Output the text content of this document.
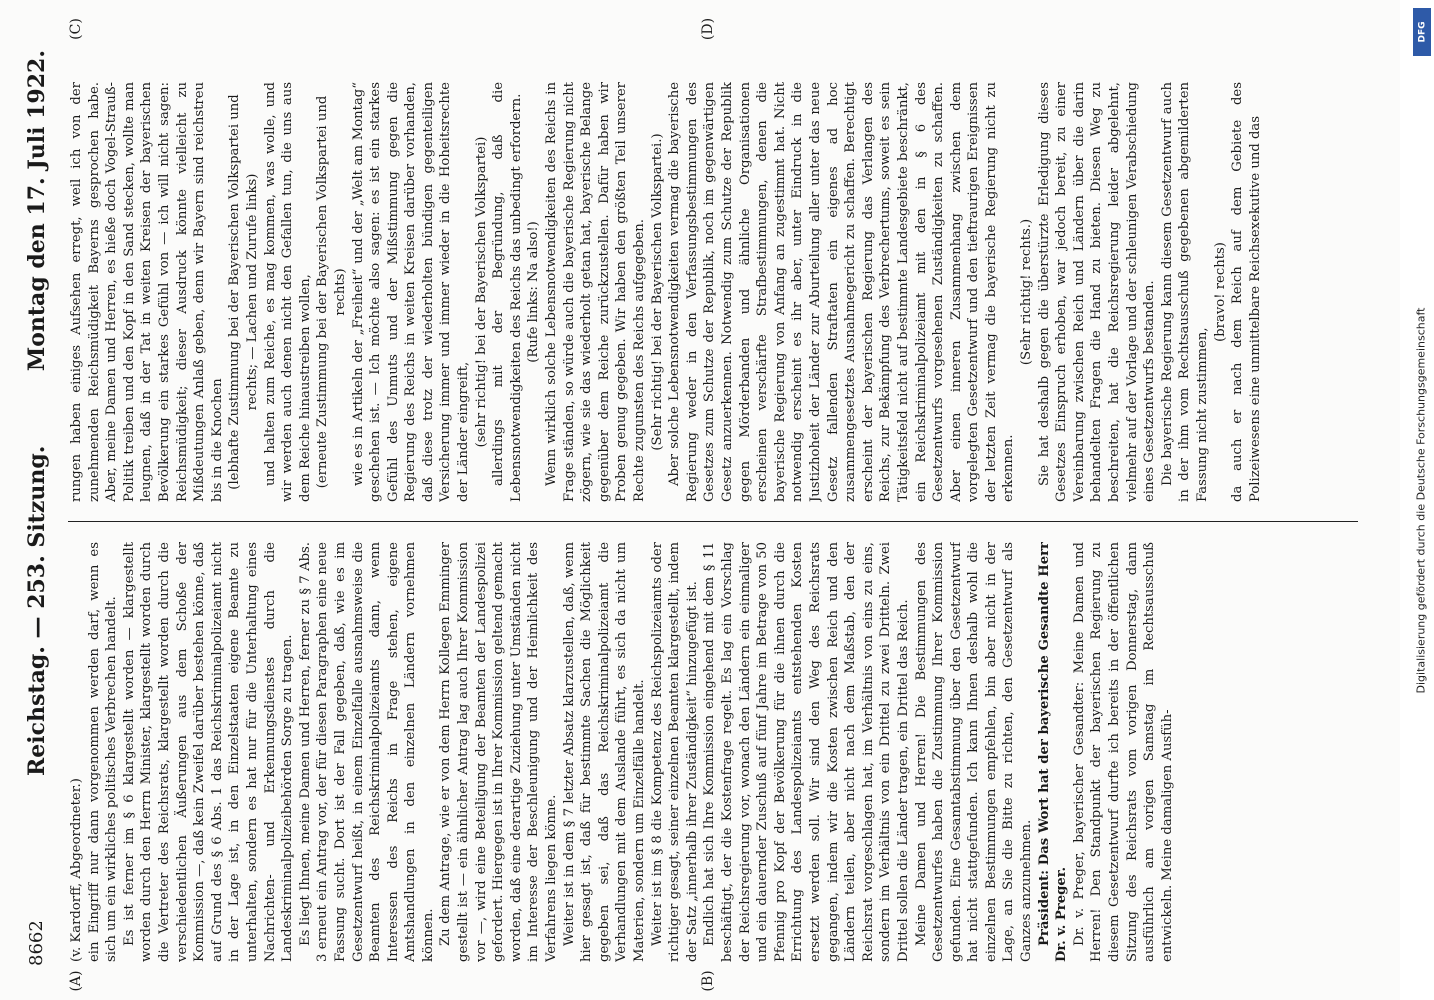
8662
Reichstag. — 253. Sitzung.
Montag den 17. Juli 1922.
(A)	(B)
(C)	(D)

(v. Kardorff, Abgeordneter.) ein Eingriff nur dann vorgenommen werden darf, wenn es sich um ein wirkliches politisches Verbrechen handelt. Es ist ferner im § 6 klargestellt worden — klargestellt worden durch den Herrn Minister, klargestellt worden durch die Vertreter des Reichsrats, klargestellt worden durch die verschiedentlichen Äußerungen aus dem Schoße der Kommission —, daß kein Zweifel darüber bestehen könne, daß auf Grund des § 6 Abs. 1 das Reichskriminalpolizeiamt nicht in der Lage ist, in den Einzelstaaten eigene Beamte zu unterhalten, sondern es hat nur für die Unterhaltung eines Nachrichten- und Erkennungsdienstes durch die Landeskriminalpolizeibehörden Sorge zu tragen. Es liegt Ihnen, meine Damen und Herren, ferner zu § 7 Abs. 3 erneut ein Antrag vor, der für diesen Paragraphen eine neue Fassung sucht. Dort ist der Fall gegeben, daß, wie es im Gesetzentwurf heißt, in einem Einzelfalle ausnahmsweise die Beamten des Reichskriminalpolizeiamts dann, wenn Interessen des Reichs in Frage stehen, eigene Amtshandlungen in den einzelnen Ländern vornehmen können. Zu dem Antrage, wie er von dem Herrn Kollegen Emminger gestellt ist — ein ähnlicher Antrag lag auch Ihrer Kommission vor —, wird eine Beteiligung der Beamten der Landespolizei gefordert. Hiergegen ist in Ihrer Kommission geltend gemacht worden, daß eine derartige Zuziehung unter Umständen nicht im Interesse der Beschleunigung und der Heimlichkeit des Verfahrens liegen könne. Weiter ist in dem § 7 letzter Absatz klarzustellen, daß, wenn hier gesagt ist, daß für bestimmte Sachen die Möglichkeit gegeben sei, daß das Reichskriminalpolizeiamt die Verhandlungen mit dem Auslande führt, es sich da nicht um Materien, sondern um Einzelfälle handelt. Weiter ist im § 8 die Kompetenz des Reichspolizeiamts oder richtiger gesagt, seiner einzelnen Beamten klargestellt, indem der Satz „innerhalb ihrer Zuständigkeit“ hinzugefügt ist. Endlich hat sich Ihre Kommission eingehend mit dem § 11 beschäftigt, der die Kostenfrage regelt. Es lag ein Vorschlag der Reichsregierung vor, wonach den Ländern ein einmaliger und ein dauernder Zuschuß auf fünf Jahre im Betrage von 50 Pfennig pro Kopf der Bevölkerung für die ihnen durch die Errichtung des Landespolizeiamts entstehenden Kosten ersetzt werden soll. Wir sind den Weg des Reichsrats gegangen, indem wir die Kosten zwischen Reich und den Ländern teilen, aber nicht nach dem Maßstab, den der Reichsrat vorgeschlagen hat, im Verhältnis von eins zu eins, sondern im Verhältnis von ein Drittel zu zwei Dritteln. Zwei Drittel sollen die Länder tragen, ein Drittel das Reich. Meine Damen und Herren! Die Bestimmungen des Gesetzentwurfes haben die Zustimmung Ihrer Kommission gefunden. Eine Gesamtabstimmung über den Gesetzentwurf hat nicht stattgefunden. Ich kann Ihnen deshalb wohl die einzelnen Bestimmungen empfehlen, bin aber nicht in der Lage, an Sie die Bitte zu richten, den Gesetzentwurf als Ganzes anzunehmen. Präsident: Das Wort hat der bayerische Gesandte Herr Dr. v. Preger. Dr. v. Preger, bayerischer Gesandter: Meine Damen und Herren! Den Standpunkt der bayerischen Regierung zu diesem Gesetzentwurf durfte ich bereits in der öffentlichen Sitzung des Reichsrats vom vorigen Donnerstag, dann ausführlich am vorigen Samstag im Rechtsausschuß entwickeln. Meine damaligen Ausfüh-

rungen haben einiges Aufsehen erregt, weil ich von der zunehmenden Reichsmüdigkeit Bayerns gesprochen habe. Aber, meine Damen und Herren, es hieße doch Vogel-Strauß-Politik treiben und den Kopf in den Sand stecken, wollte man leugnen, daß in der Tat in weiten Kreisen der bayerischen Bevölkerung ein starkes Gefühl von — ich will nicht sagen: Reichsmüdigkeit; dieser Ausdruck könnte vielleicht zu Mißdeutungen Anlaß geben, denn wir Bayern sind reichstreu bis in die Knochen (lebhafte Zustimmung bei der Bayerischen Volkspartei und rechts; — Lachen und Zurufe links) und halten zum Reiche, es mag kommen, was wolle, und wir werden auch denen nicht den Gefallen tun, die uns aus dem Reiche hinaustreiben wollen, (erneute Zustimmung bei der Bayerischen Volkspartei und rechts) wie es in Artikeln der „Freiheit“ und der „Welt am Montag“ geschehen ist. — Ich möchte also sagen: es ist ein starkes Gefühl des Unmuts und der Mißstimmung gegen die Regierung des Reichs in weiten Kreisen darüber vorhanden, daß diese trotz der wiederholten bündigen gegenteiligen Versicherung immer und immer wieder in die Hoheitsrechte der Länder eingreift, (sehr richtig! bei der Bayerischen Volkspartei) allerdings mit der Begründung, daß die Lebensnotwendigkeiten des Reichs das unbedingt erfordern. (Rufe links: Na also!) Wenn wirklich solche Lebensnotwendigkeiten des Reichs in Frage ständen, so würde auch die bayerische Regierung nicht zögern, wie sie das wiederholt getan hat, bayerische Belange gegenüber dem Reiche zurückzustellen. Dafür haben wir Proben genug gegeben. Wir haben den größten Teil unserer Rechte zugunsten des Reichs aufgegeben. (Sehr richtig! bei der Bayerischen Volkspartei.) Aber solche Lebensnotwendigkeiten vermag die bayerische Regierung weder in den Verfassungsbestimmungen des Gesetzes zum Schutze der Republik, noch im gegenwärtigen Gesetz anzuerkennen. Notwendig zum Schutze der Republik gegen Mörderbanden und ähnliche Organisationen erscheinen verschärfte Strafbestimmungen, denen die bayerische Regierung von Anfang an zugestimmt hat. Nicht notwendig erscheint es ihr aber, unter Eindruck in die Justizhoheit der Länder zur Aburteilung aller unter das neue Gesetz fallenden Straftaten ein eigenes ad hoc zusammengesetztes Ausnahmegericht zu schaffen. Berechtigt erscheint der bayerischen Regierung das Verlangen des Reichs, zur Bekämpfung des Verbrechertums, soweit es sein Tätigkeitsfeld nicht auf bestimmte Landesgebiete beschränkt, ein Reichskriminalpolizeiamt mit den in § 6 des Gesetzentwurfs vorgesehenen Zuständigkeiten zu schaffen. Aber einen inneren Zusammenhang zwischen dem vorgelegten Gesetzentwurf und den tieftraurigen Ereignissen der letzten Zeit vermag die bayerische Regierung nicht zu erkennen.

(Sehr richtig! rechts.) Sie hat deshalb gegen die überstürzte Erledigung dieses Gesetzes Einspruch erhoben, war jedoch bereit, zu einer Vereinbarung zwischen Reich und Ländern über die darin behandelten Fragen die Hand zu bieten. Diesen Weg zu beschreiten, hat die Reichsregierung leider abgelehnt, vielmehr auf der Vorlage und der schleunigen Verabschiedung eines Gesetzentwurfs bestanden. Die bayerische Regierung kann diesem Gesetzentwurf auch in der ihm vom Rechtsausschuß gegebenen abgemilderten Fassung nicht zustimmen,

(bravo! rechts) da auch er nach dem Reich auf dem Gebiete des Polizeiwesens eine unmittelbare Reichsexekutive und das	Digitalisierung gefördert durch die Deutsche Forschungsgemeinschaft
DFG
